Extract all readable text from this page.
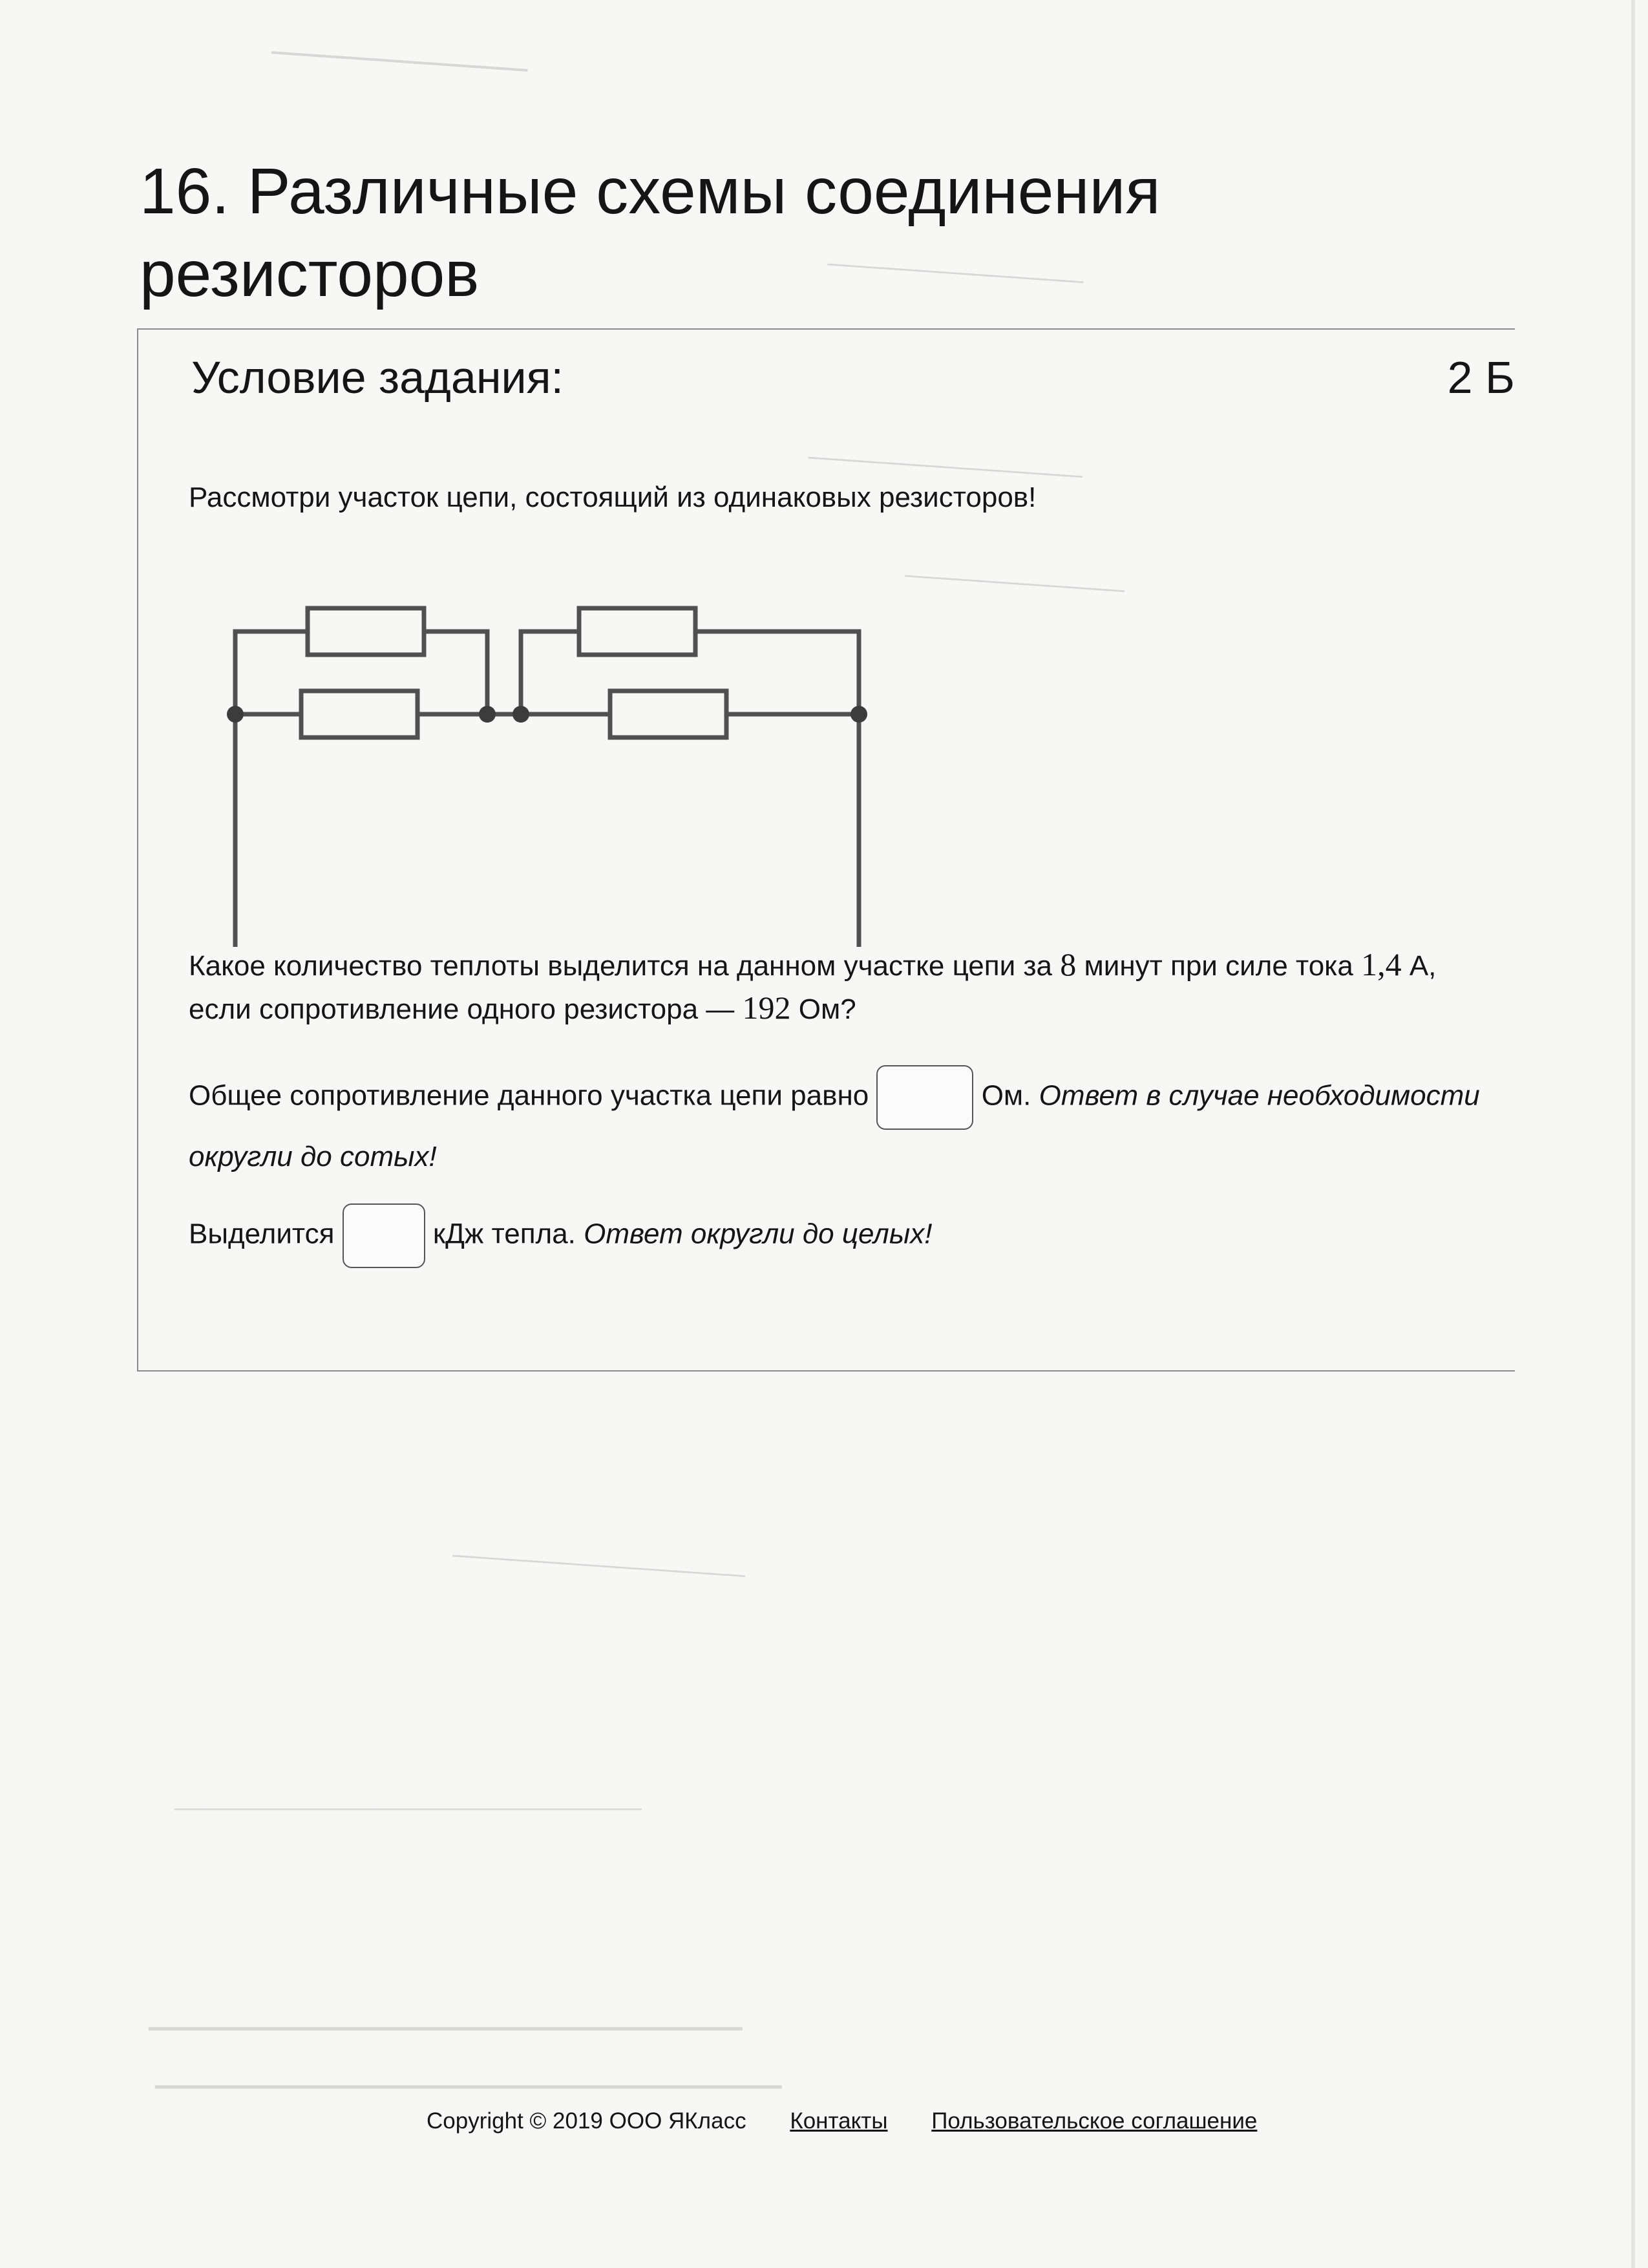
──────────
──────────────
───────────────
────────────
────────────────
──────────────────────────────
──────────────────
───────────────────
16. Различные схемы соединения резисторов
Условие задания:	2 Б
Рассмотри участок цепи, состоящий из одинаковых резисторов!
Какое количество теплоты выделится на данном участке цепи за 8 минут при силе тока 1,4 А, если сопротивление одного резистора — 192 Ом?
Общее сопротивление данного участка цепи равно	Ом. Ответ в случае необходимости округли до сотых!
Выделится	кДж тепла. Ответ округли до целых!
Copyright © 2019 ООО ЯКласс Контакты Пользовательское соглашение
